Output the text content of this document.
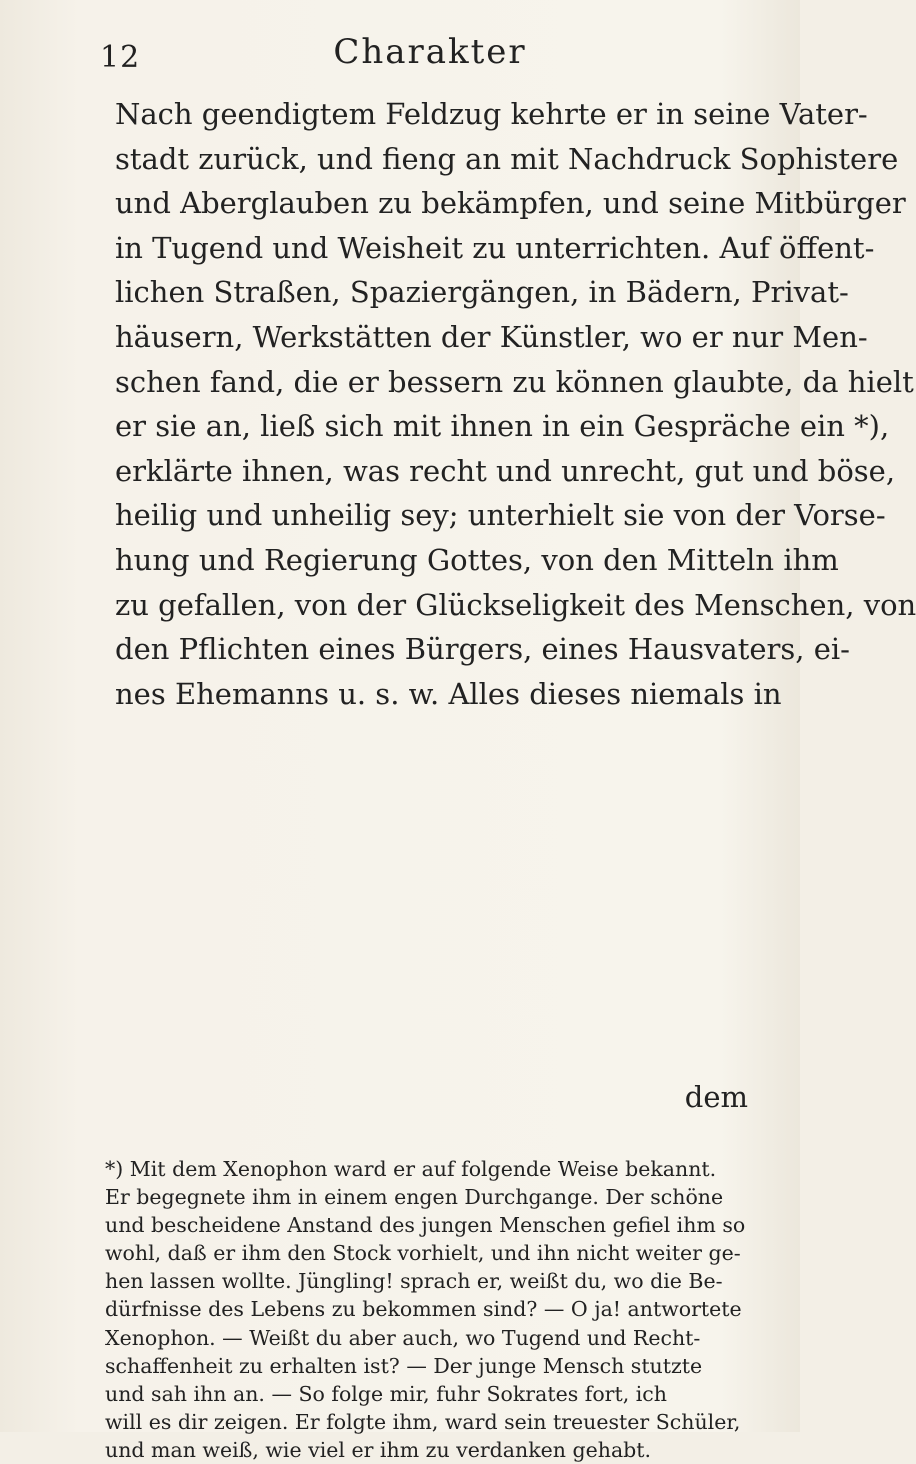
12	Charakter
Nach geendigtem Feldzug kehrte er in seine Vater-
stadt zurück, und fieng an mit Nachdruck Sophistere
und Aberglauben zu bekämpfen, und seine Mitbürger
in Tugend und Weisheit zu unterrichten. Auf öffent-
lichen Straßen, Spaziergängen, in Bädern, Privat-
häusern, Werkstätten der Künstler, wo er nur Men-
schen fand, die er bessern zu können glaubte, da hielt
er sie an, ließ sich mit ihnen in ein Gespräche ein *),
erklärte ihnen, was recht und unrecht, gut und böse,
heilig und unheilig sey; unterhielt sie von der Vorse-
hung und Regierung Gottes, von den Mitteln ihm
zu gefallen, von der Glückseligkeit des Menschen, von
den Pflichten eines Bürgers, eines Hausvaters, ei-
nes Ehemanns u. s. w. Alles dieses niemals in
dem
*) Mit dem Xenophon ward er auf folgende Weise bekannt.
Er begegnete ihm in einem engen Durchgange. Der schöne
und bescheidene Anstand des jungen Menschen gefiel ihm so
wohl, daß er ihm den Stock vorhielt, und ihn nicht weiter ge-
hen lassen wollte. Jüngling! sprach er, weißt du, wo die Be-
dürfnisse des Lebens zu bekommen sind? — O ja! antwortete
Xenophon. — Weißt du aber auch, wo Tugend und Recht-
schaffenheit zu erhalten ist? — Der junge Mensch stutzte
und sah ihn an. — So folge mir, fuhr Sokrates fort, ich
will es dir zeigen. Er folgte ihm, ward sein treuester Schüler,
und man weiß, wie viel er ihm zu verdanken gehabt.
